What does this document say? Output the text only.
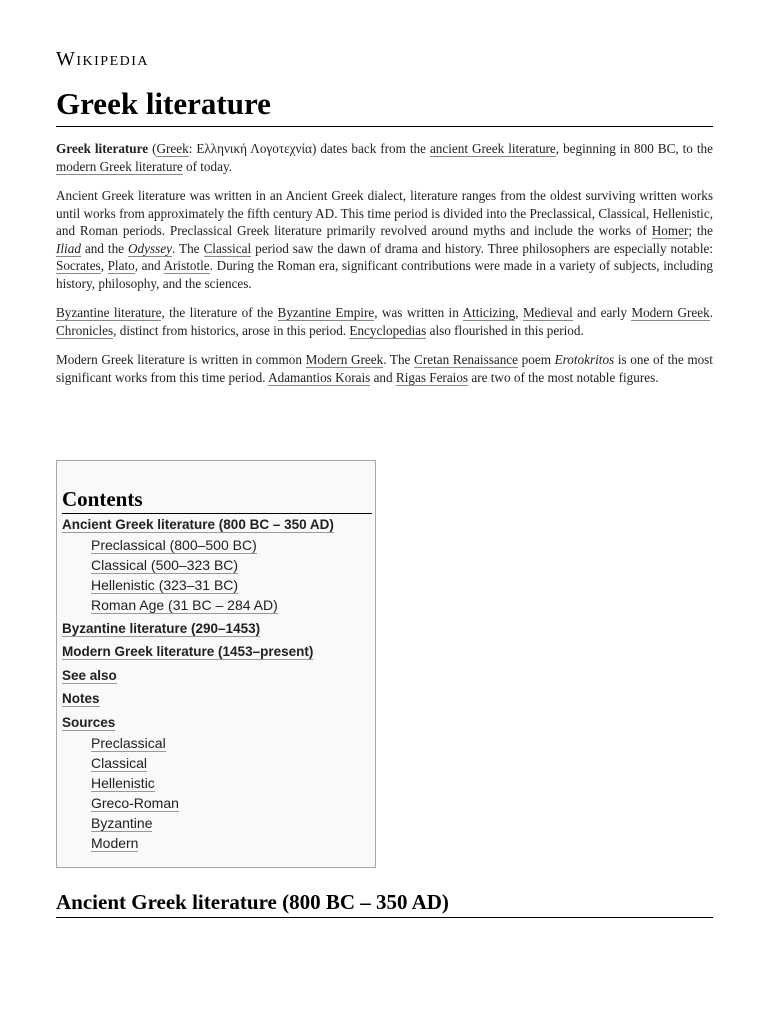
Wikipedia
Greek literature

Greek literature (Greek: Ελληνική Λογοτεχνία) dates back from the ancient Greek literature, beginning in 800 BC, to the modern Greek literature of today.

Ancient Greek literature was written in an Ancient Greek dialect, literature ranges from the oldest surviving written works until works from approximately the fifth century AD. This time period is divided into the Preclassical, Classical, Hellenistic, and Roman periods. Preclassical Greek literature primarily revolved around myths and include the works of Homer; the Iliad and the Odyssey. The Classical period saw the dawn of drama and history. Three philosophers are especially notable: Socrates, Plato, and Aristotle. During the Roman era, significant contributions were made in a variety of subjects, including history, philosophy, and the sciences.

Byzantine literature, the literature of the Byzantine Empire, was written in Atticizing, Medieval and early Modern Greek. Chronicles, distinct from historics, arose in this period. Encyclopedias also flourished in this period.

Modern Greek literature is written in common Modern Greek. The Cretan Renaissance poem Erotokritos is one of the most significant works from this time period. Adamantios Korais and Rigas Feraios are two of the most notable figures.

Contents
Ancient Greek literature (800 BC – 350 AD)
Preclassical (800–500 BC)
Classical (500–323 BC)
Hellenistic (323–31 BC)
Roman Age (31 BC – 284 AD)
Byzantine literature (290–1453)
Modern Greek literature (1453–present)
See also
Notes
Sources
Preclassical
Classical
Hellenistic
Greco-Roman
Byzantine
Modern
Ancient Greek literature (800 BC – 350 AD)
